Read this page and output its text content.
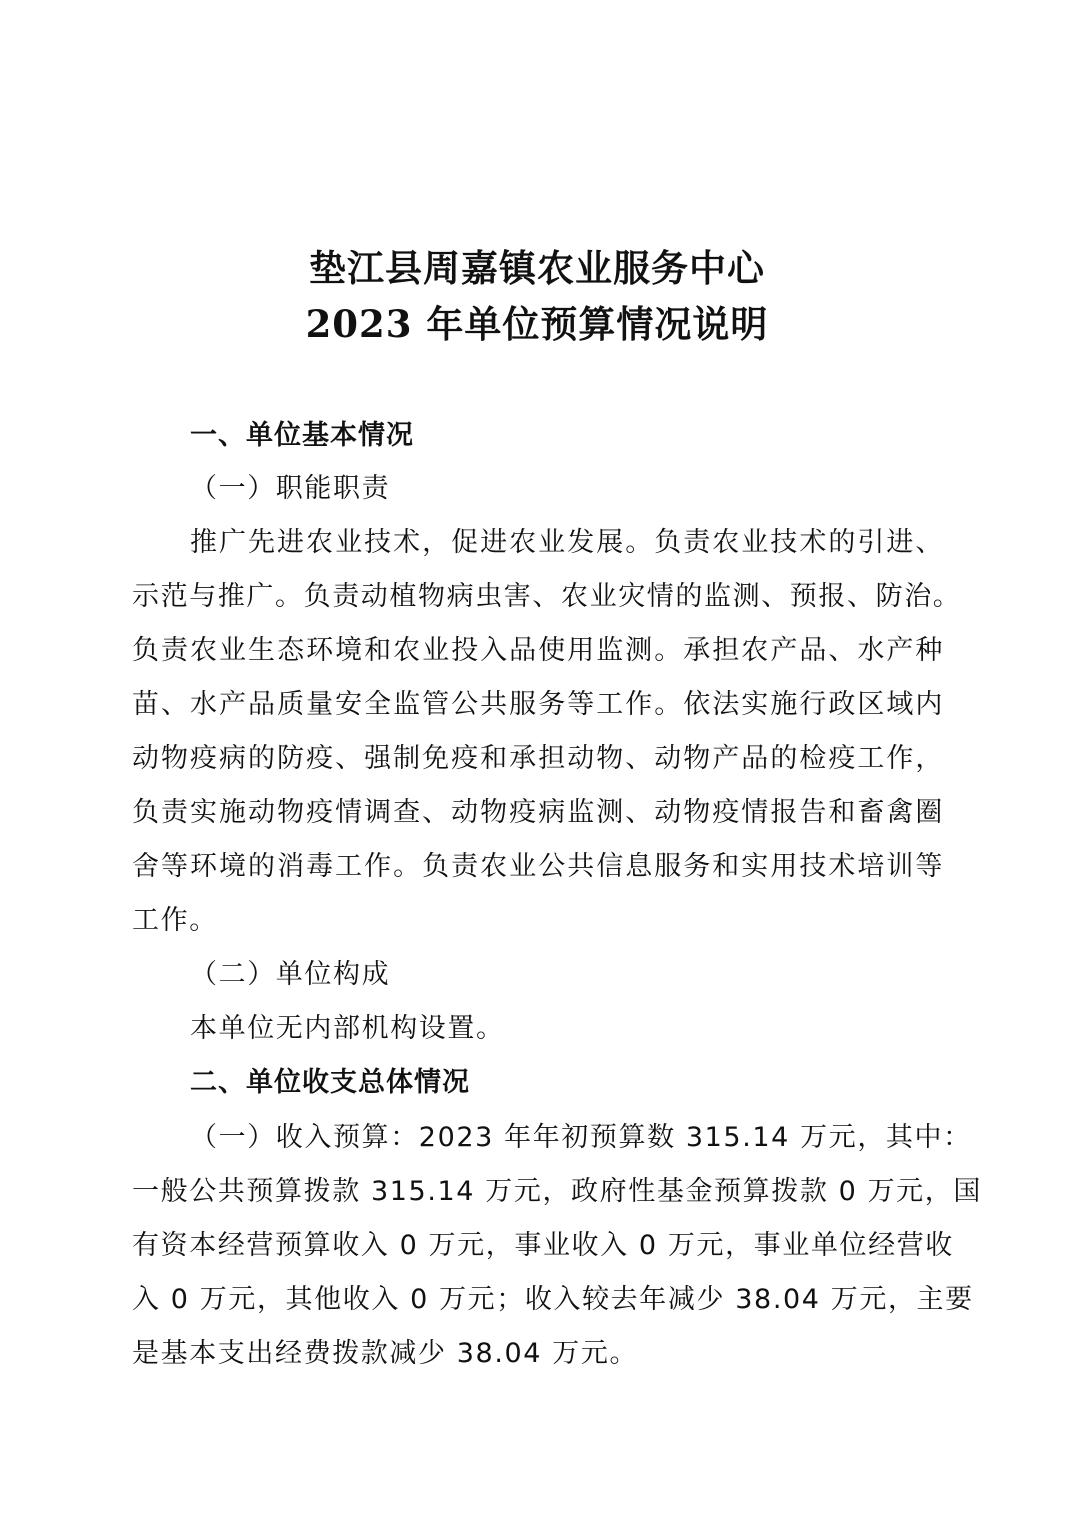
垫江县周嘉镇农业服务中心
2023 年单位预算情况说明
一、单位基本情况
（一）职能职责
推广先进农业技术，促进农业发展。负责农业技术的引进、
示范与推广。负责动植物病虫害、农业灾情的监测、预报、防治。
负责农业生态环境和农业投入品使用监测。承担农产品、水产种
苗、水产品质量安全监管公共服务等工作。依法实施行政区域内
动物疫病的防疫、强制免疫和承担动物、动物产品的检疫工作，
负责实施动物疫情调查、动物疫病监测、动物疫情报告和畜禽圈
舍等环境的消毒工作。负责农业公共信息服务和实用技术培训等
工作。
（二）单位构成
本单位无内部机构设置。
二、单位收支总体情况
（一）收入预算：2023 年年初预算数 315.14 万元，其中：
一般公共预算拨款 315.14 万元，政府性基金预算拨款 0 万元，国
有资本经营预算收入 0 万元，事业收入 0 万元，事业单位经营收
入 0 万元，其他收入 0 万元；收入较去年减少 38.04 万元，主要
是基本支出经费拨款减少 38.04 万元。
